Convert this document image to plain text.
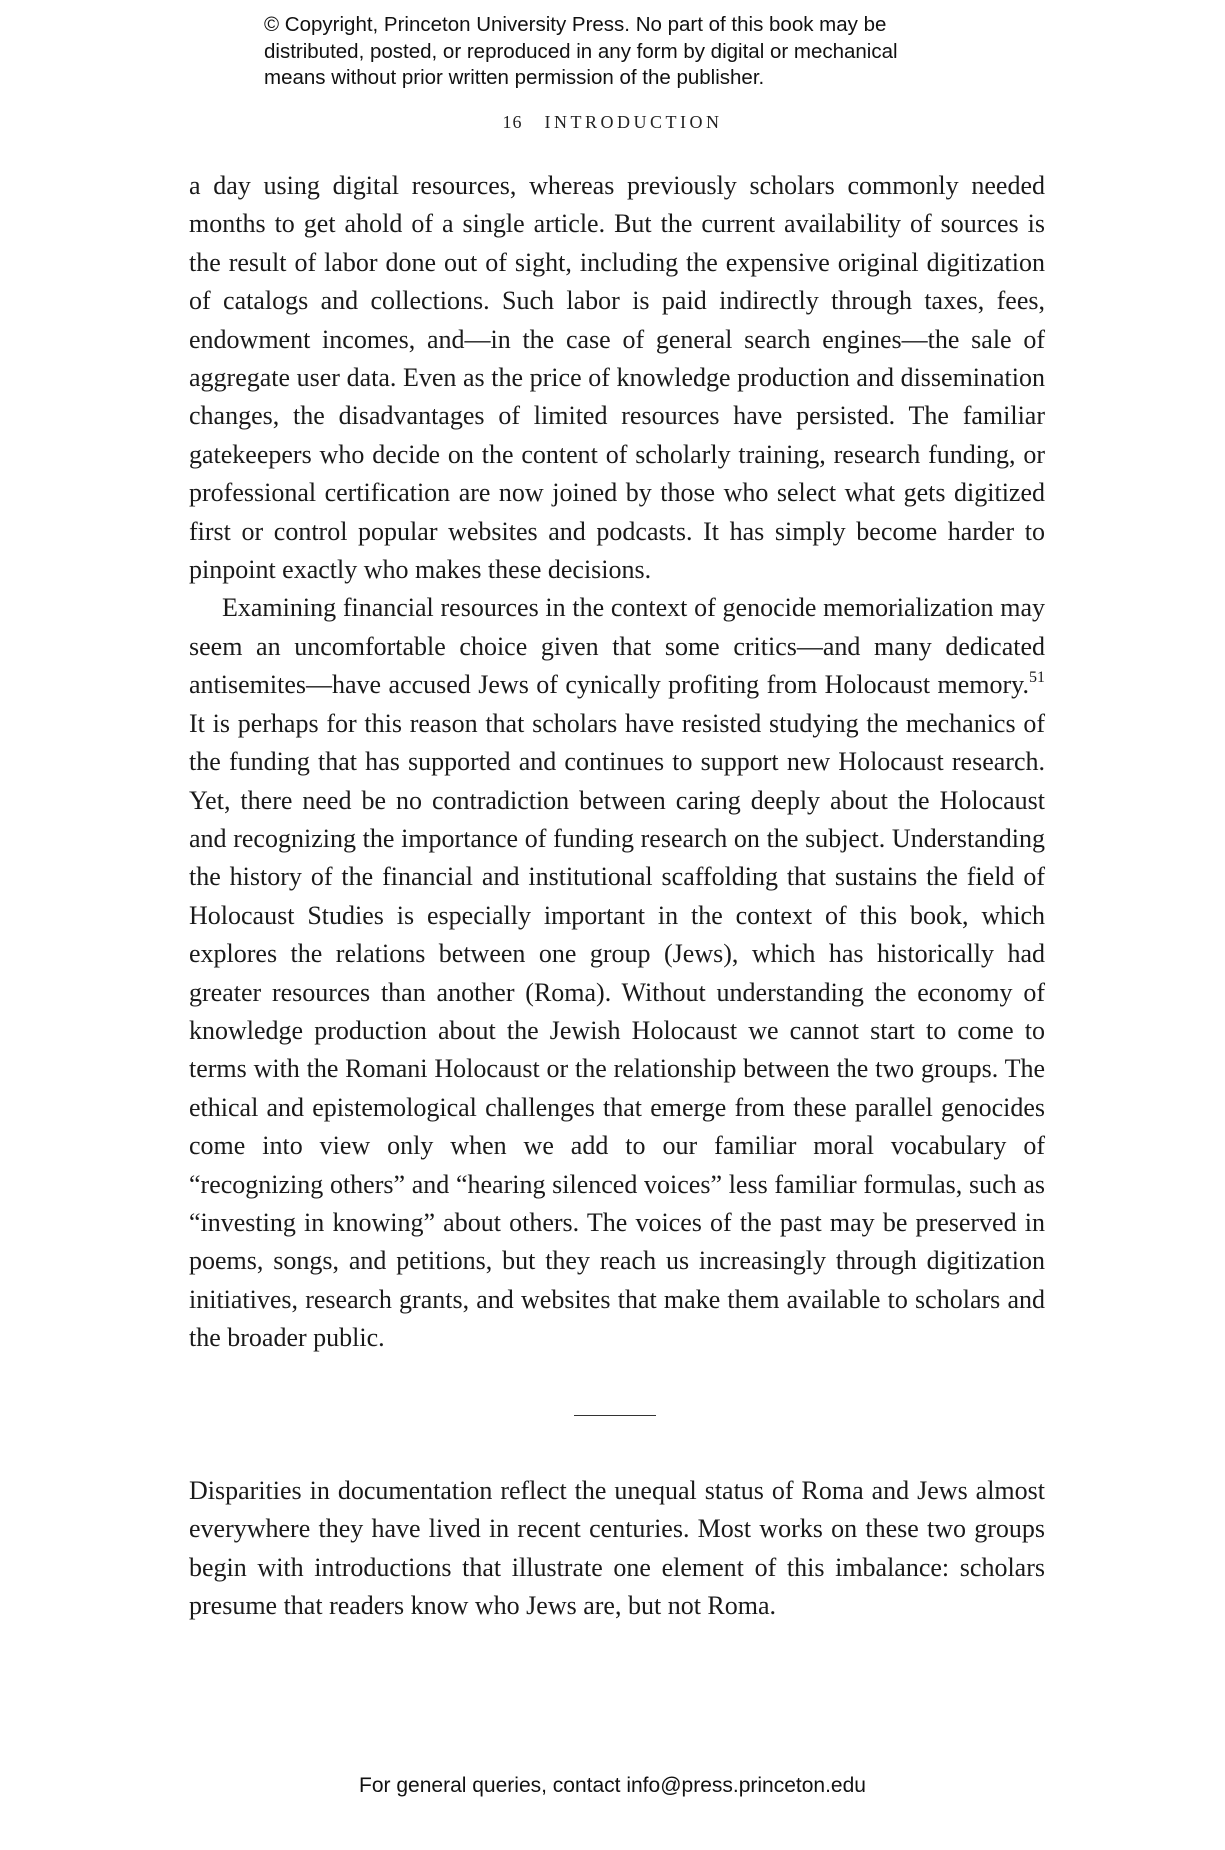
© Copyright, Princeton University Press. No part of this book may be
distributed, posted, or reproduced in any form by digital or mechanical
means without prior written permission of the publisher.
16 INTRODUCTION

a day using digital resources, whereas previously scholars commonly needed months to get ahold of a single article. But the current availability of sources is the result of labor done out of sight, including the expensive original digitization of catalogs and collections. Such labor is paid indirectly through taxes, fees, endowment incomes, and—in the case of general search engines—the sale of aggregate user data. Even as the price of knowledge production and dissemination changes, the disadvantages of limited resources have persisted. The familiar gatekeepers who decide on the content of scholarly training, research funding, or professional certification are now joined by those who select what gets digitized first or control popular websites and podcasts. It has simply become harder to pinpoint exactly who makes these decisions.

Examining financial resources in the context of genocide memorialization may seem an uncomfortable choice given that some critics—and many dedicated antisemites—have accused Jews of cynically profiting from Holocaust memory.$^{51}$ It is perhaps for this reason that scholars have resisted studying the mechanics of the funding that has supported and continues to support new Holocaust research. Yet, there need be no contradiction between caring deeply about the Holocaust and recognizing the importance of funding research on the subject. Understanding the history of the financial and institutional scaffolding that sustains the field of Holocaust Studies is especially important in the context of this book, which explores the relations between one group (Jews), which has historically had greater resources than another (Roma). Without understanding the economy of knowledge production about the Jewish Holocaust we cannot start to come to terms with the Romani Holocaust or the relationship between the two groups. The ethical and epistemological challenges that emerge from these parallel genocides come into view only when we add to our familiar moral vocabulary of “recognizing others” and “hearing silenced voices” less familiar formulas, such as “investing in knowing” about others. The voices of the past may be preserved in poems, songs, and petitions, but they reach us increasingly through digitization initiatives, research grants, and websites that make them available to scholars and the broader public.

Disparities in documentation reflect the unequal status of Roma and Jews almost everywhere they have lived in recent centuries. Most works on these two groups begin with introductions that illustrate one element of this imbalance: scholars presume that readers know who Jews are, but not Roma.

For general queries, contact info@press.princeton.edu
